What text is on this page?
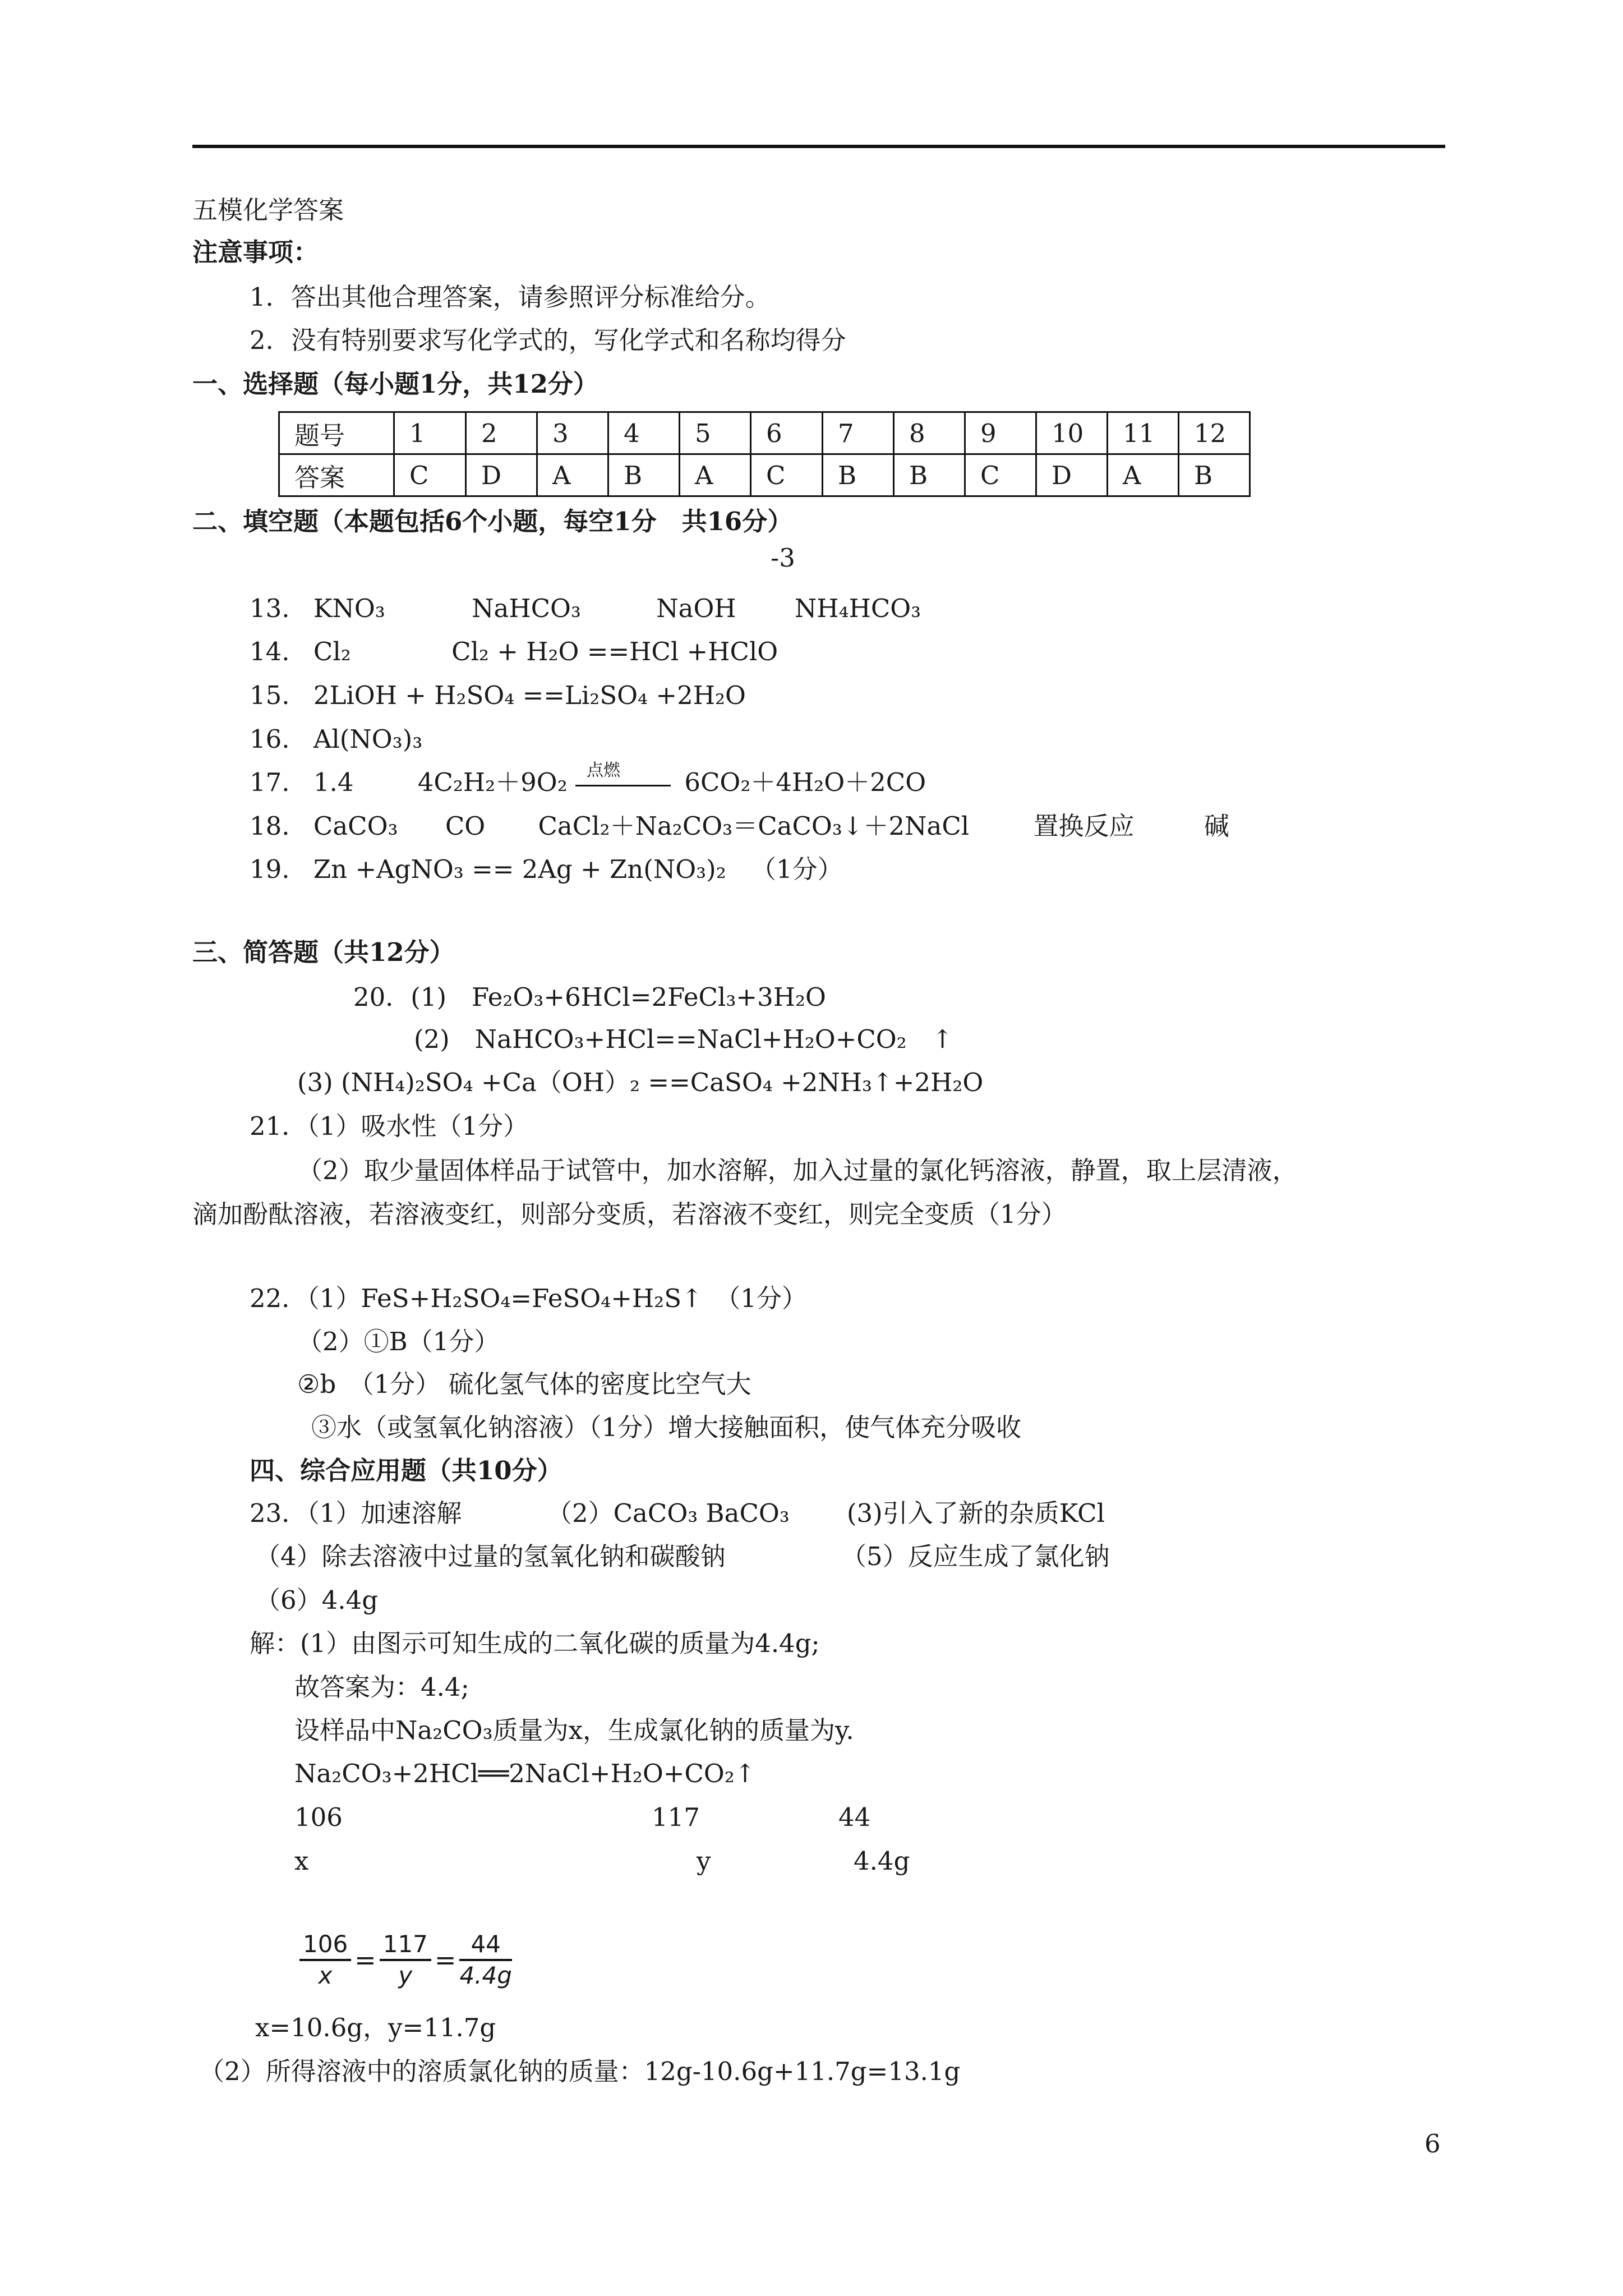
五模化学答案
注意事项：
1．答出其他合理答案，请参照评分标准给分。
2．没有特别要求写化学式的，写化学式和名称均得分
一、选择题（每小题1分，共12分）
题号	1	2	3	4	5	6	7	8	9	10	11	12
答案	C	D	A	B	A	C	B	B	C	D	A	B
二、填空题（本题包括6个小题，每空1分　共16分）
-3
13. KNO₃	NaHCO₃	NaOH NH₄HCO₃
14. Cl₂	Cl₂ + H₂O ==HCl +HClO
15. 2LiOH + H₂SO₄ ==Li₂SO₄ +2H₂O
16. Al(NO₃)₃
17. 1.4	4C₂H₂＋9O₂ 点燃	6CO₂＋4H₂O＋2CO
18. CaCO₃ CO CaCl₂＋Na₂CO₃＝CaCO₃↓＋2NaCl	置换反应	碱
19. Zn +AgNO₃ == 2Ag + Zn(NO₃)₂ （1分）
三、简答题（共12分）
20．(1)　Fe₂O₃+6HCl=2FeCl₃+3H₂O
(2)　NaHCO₃+HCl==NaCl+H₂O+CO₂　↑
(3) (NH₄)₂SO₄ +Ca（OH）₂ ==CaSO₄ +2NH₃↑+2H₂O
21．（1）吸水性（1分）
（2）取少量固体样品于试管中，加水溶解，加入过量的氯化钙溶液，静置，取上层清液，
滴加酚酞溶液，若溶液变红，则部分变质，若溶液不变红，则完全变质（1分）
22．（1）FeS+H₂SO₄=FeSO₄+H₂S↑　（1分）
（2）①B（1分）
②b　（1分） 硫化氢气体的密度比空气大
③水（或氢氧化钠溶液）（1分）增大接触面积，使气体充分吸收
四、综合应用题（共10分）
23．（1）加速溶解	（2）CaCO₃ BaCO₃ (3)引入了新的杂质KCl
（4）除去溶液中过量的氢氧化钠和碳酸钠	（5）反应生成了氯化钠
（6）4.4g
解：(1）由图示可知生成的二氧化碳的质量为4.4g;
故答案为：4.4;
设样品中Na₂CO₃质量为x，生成氯化钠的质量为y.
Na₂CO₃+2HCl══2NaCl+H₂O+CO₂↑
106	117	44
x	y	4.4g
$\frac{106}{x} = \frac{117}{y} = \frac{44}{4.4g}$
x=10.6g，y=11.7g
（2）所得溶液中的溶质氯化钠的质量：12g-10.6g+11.7g=13.1g
6
